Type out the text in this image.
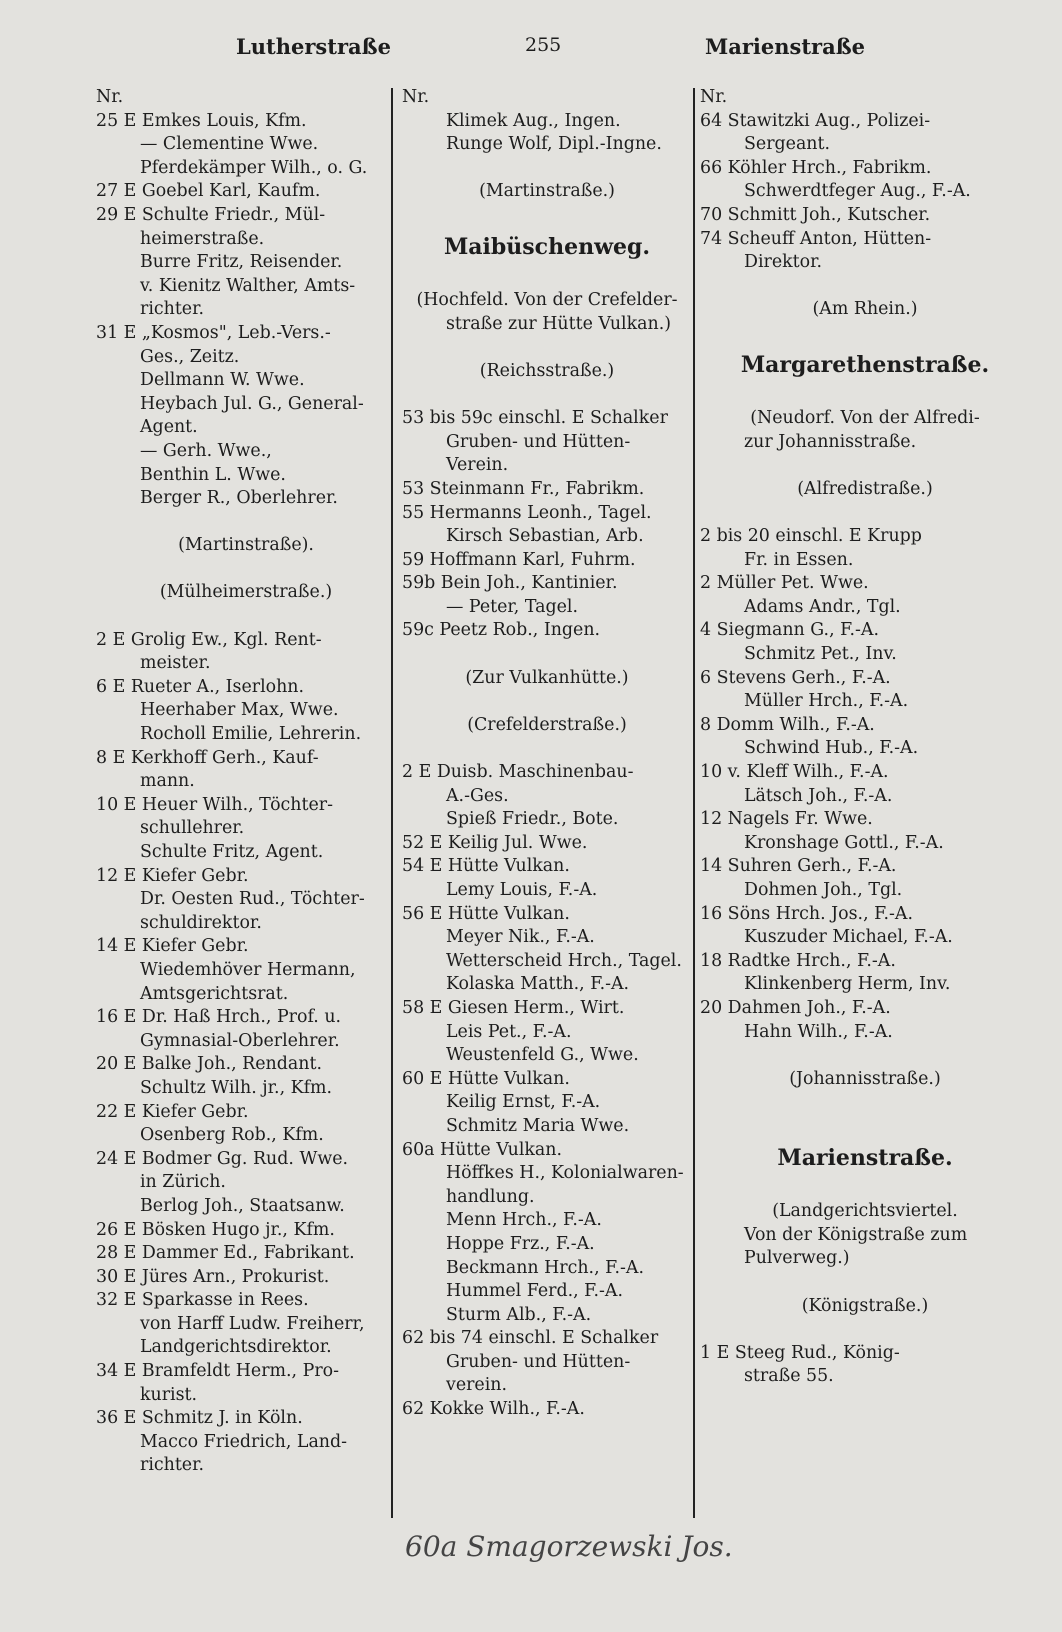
Lutherstraße	255	Marienstraße
Nr.
25 E Emkes Louis, Kfm.
— Clementine Wwe.
Pferdekämper Wilh., o. G.
27 E Goebel Karl, Kaufm.
29 E Schulte Friedr., Mül-
heimerstraße.
Burre Fritz, Reisender.
v. Kienitz Walther, Amts-
richter.
31 E „Kosmos", Leb.-Vers.-
Ges., Zeitz.
Dellmann W. Wwe.
Heybach Jul. G., General-
Agent.
— Gerh. Wwe.,
Benthin L. Wwe.
Berger R., Oberlehrer.
(Martinstraße).
(Mülheimerstraße.)
2 E Grolig Ew., Kgl. Rent-
meister.
6 E Rueter A., Iserlohn.
Heerhaber Max, Wwe.
Rocholl Emilie, Lehrerin.
8 E Kerkhoff Gerh., Kauf-
mann.
10 E Heuer Wilh., Töchter-
schullehrer.
Schulte Fritz, Agent.
12 E Kiefer Gebr.
Dr. Oesten Rud., Töchter-
schuldirektor.
14 E Kiefer Gebr.
Wiedemhöver Hermann,
Amtsgerichtsrat.
16 E Dr. Haß Hrch., Prof. u.
Gymnasial-Oberlehrer.
20 E Balke Joh., Rendant.
Schultz Wilh. jr., Kfm.
22 E Kiefer Gebr.
Osenberg Rob., Kfm.
24 E Bodmer Gg. Rud. Wwe.
in Zürich.
Berlog Joh., Staatsanw.
26 E Bösken Hugo jr., Kfm.
28 E Dammer Ed., Fabrikant.
30 E Jüres Arn., Prokurist.
32 E Sparkasse in Rees.
von Harff Ludw. Freiherr,
Landgerichtsdirektor.
34 E Bramfeldt Herm., Pro-
kurist.
36 E Schmitz J. in Köln.
Macco Friedrich, Land-
richter.
Nr.
Klimek Aug., Ingen.
Runge Wolf, Dipl.-Ingne.
(Martinstraße.)
Maibüschenweg.
(Hochfeld. Von der Crefelder-
straße zur Hütte Vulkan.)
(Reichsstraße.)
53 bis 59c einschl. E Schalker
Gruben- und Hütten-
Verein.
53 Steinmann Fr., Fabrikm.
55 Hermanns Leonh., Tagel.
Kirsch Sebastian, Arb.
59 Hoffmann Karl, Fuhrm.
59b Bein Joh., Kantinier.
— Peter, Tagel.
59c Peetz Rob., Ingen.
(Zur Vulkanhütte.)
(Crefelderstraße.)
2 E Duisb. Maschinenbau-
A.-Ges.
Spieß Friedr., Bote.
52 E Keilig Jul. Wwe.
54 E Hütte Vulkan.
Lemy Louis, F.-A.
56 E Hütte Vulkan.
Meyer Nik., F.-A.
Wetterscheid Hrch., Tagel.
Kolaska Matth., F.-A.
58 E Giesen Herm., Wirt.
Leis Pet., F.-A.
Weustenfeld G., Wwe.
60 E Hütte Vulkan.
Keilig Ernst, F.-A.
Schmitz Maria Wwe.
60a Hütte Vulkan.
Höffkes H., Kolonialwaren-
handlung.
Menn Hrch., F.-A.
Hoppe Frz., F.-A.
Beckmann Hrch., F.-A.
Hummel Ferd., F.-A.
Sturm Alb., F.-A.
62 bis 74 einschl. E Schalker
Gruben- und Hütten-
verein.
62 Kokke Wilh., F.-A.
Nr.
64 Stawitzki Aug., Polizei-
Sergeant.
66 Köhler Hrch., Fabrikm.
Schwerdtfeger Aug., F.-A.
70 Schmitt Joh., Kutscher.
74 Scheuff Anton, Hütten-
Direktor.
(Am Rhein.)
Margarethenstraße.
(Neudorf. Von der Alfredi-
zur Johannisstraße.
(Alfredistraße.)
2 bis 20 einschl. E Krupp
Fr. in Essen.
2 Müller Pet. Wwe.
Adams Andr., Tgl.
4 Siegmann G., F.-A.
Schmitz Pet., Inv.
6 Stevens Gerh., F.-A.
Müller Hrch., F.-A.
8 Domm Wilh., F.-A.
Schwind Hub., F.-A.
10 v. Kleff Wilh., F.-A.
Lätsch Joh., F.-A.
12 Nagels Fr. Wwe.
Kronshage Gottl., F.-A.
14 Suhren Gerh., F.-A.
Dohmen Joh., Tgl.
16 Söns Hrch. Jos., F.-A.
Kuszuder Michael, F.-A.
18 Radtke Hrch., F.-A.
Klinkenberg Herm, Inv.
20 Dahmen Joh., F.-A.
Hahn Wilh., F.-A.
(Johannisstraße.)
Marienstraße.
(Landgerichtsviertel.
Von der Königstraße zum
Pulverweg.)
(Königstraße.)
1 E Steeg Rud., König-
straße 55.
60a Smagorzewski Jos.
